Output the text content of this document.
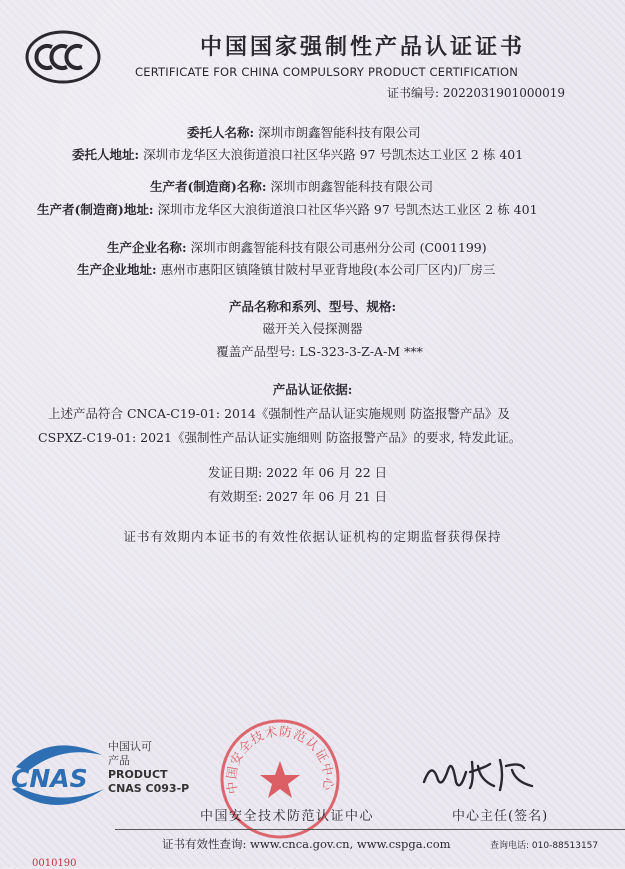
中国国家强制性产品认证证书
CERTIFICATE FOR CHINA COMPULSORY PRODUCT CERTIFICATION
证书编号: 2022031901000019
委托人名称: 深圳市朗鑫智能科技有限公司
委托人地址: 深圳市龙华区大浪街道浪口社区华兴路 97 号凯杰达工业区 2 栋 401
生产者(制造商)名称: 深圳市朗鑫智能科技有限公司
生产者(制造商)地址: 深圳市龙华区大浪街道浪口社区华兴路 97 号凯杰达工业区 2 栋 401
生产企业名称: 深圳市朗鑫智能科技有限公司惠州分公司 (C001199)
生产企业地址: 惠州市惠阳区镇隆镇甘陂村早亚背地段(本公司厂区内)厂房三
产品名称和系列、型号、规格:
磁开关入侵探测器
覆盖产品型号: LS-323-3-Z-A-M ***
产品认证依据:
上述产品符合 CNCA-C19-01: 2014《强制性产品认证实施规则 防盗报警产品》及
CSPXZ-C19-01: 2021《强制性产品认证实施细则 防盗报警产品》的要求, 特发此证。
发证日期: 2022 年 06 月 22 日
有效期至: 2027 年 06 月 21 日
证书有效期内本证书的有效性依据认证机构的定期监督获得保持
CNAS
中国认可
产品
PRODUCT
CNAS C093-P	中国安全技术防范认证中心
中国安全技术防范认证中心	中心主任(签名)
证书有效性查询: www.cnca.gov.cn, www.cspga.com	查询电话: 010-88513157
0010190
